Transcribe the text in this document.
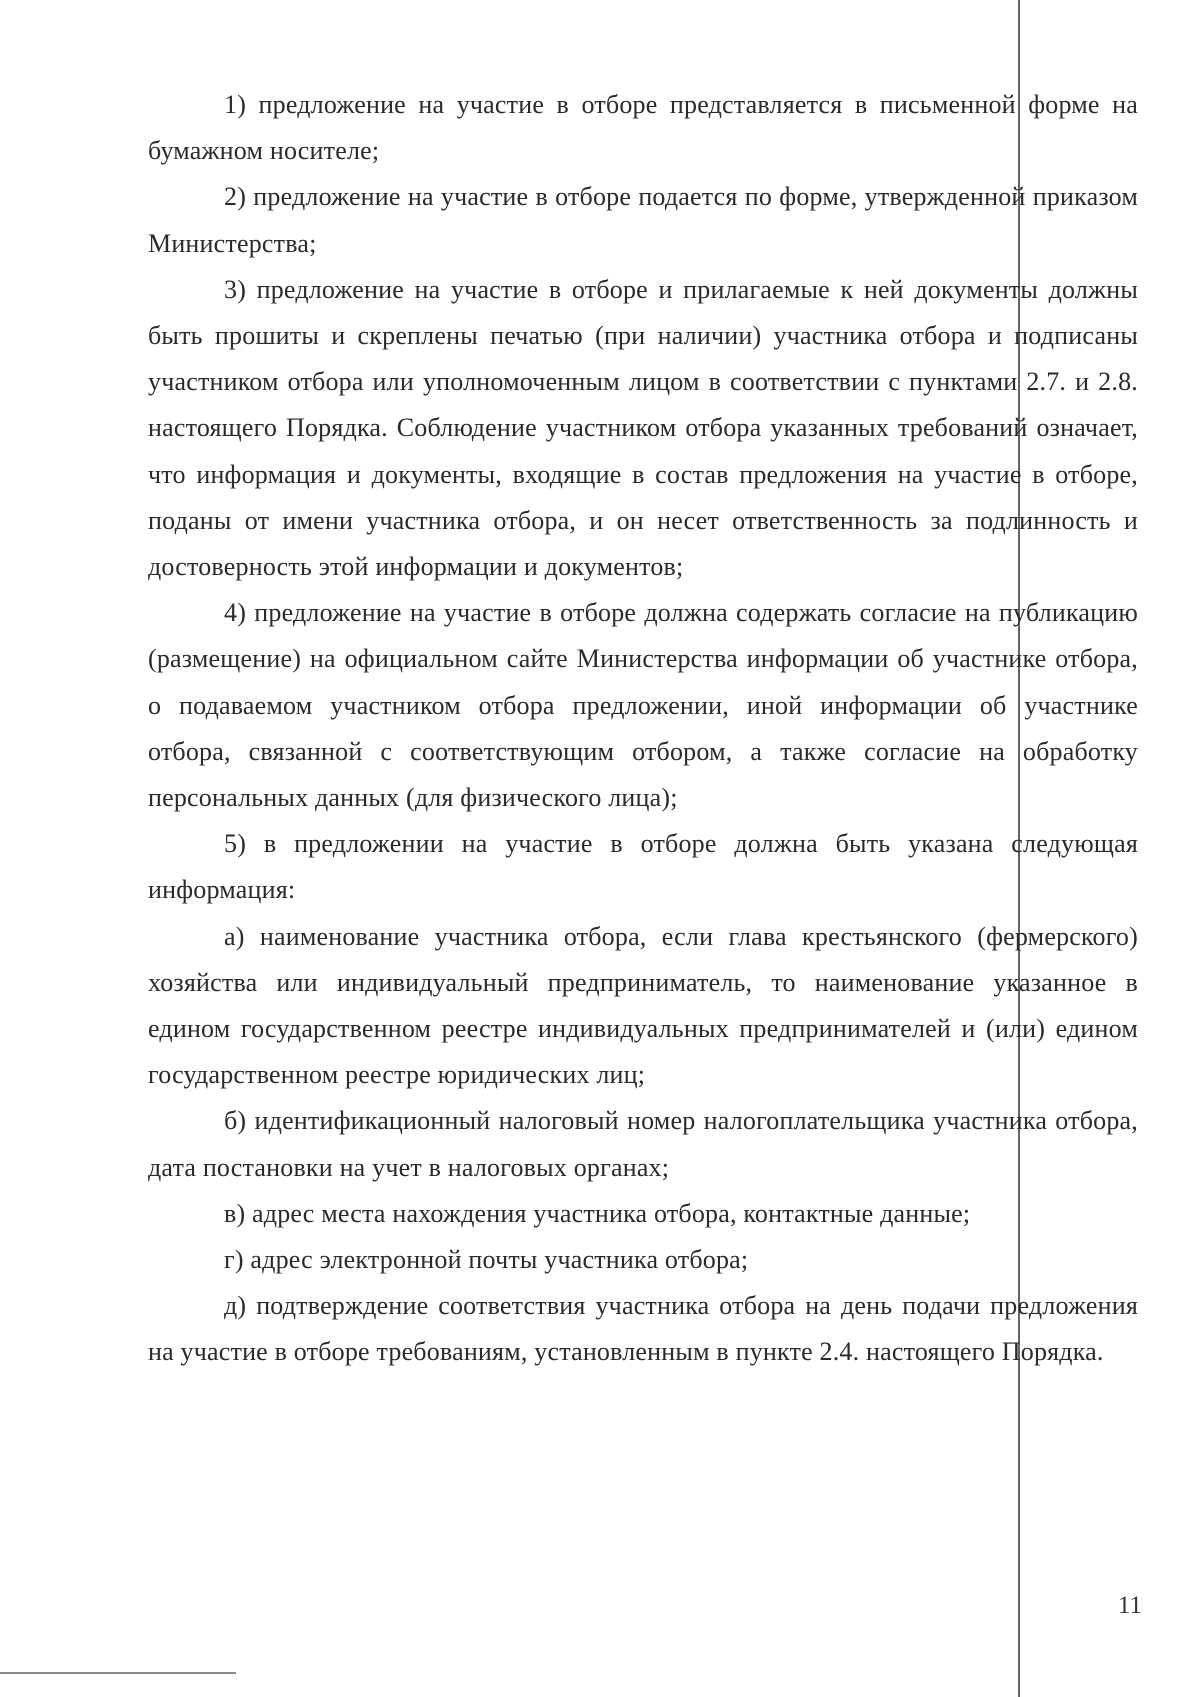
1) предложение на участие в отборе представляется в письменной форме на бумажном носителе;

2) предложение на участие в отборе подается по форме, утвержденной приказом Министерства;

3) предложение на участие в отборе и прилагаемые к ней документы должны быть прошиты и скреплены печатью (при наличии) участника отбора и подписаны участником отбора или уполномоченным лицом в соответствии с пунктами 2.7. и 2.8. настоящего Порядка. Соблюдение участником отбора указанных требований означает, что информация и документы, входящие в состав предложения на участие в отборе, поданы от имени участника отбора, и он несет ответственность за подлинность и достоверность этой информации и документов;

4) предложение на участие в отборе должна содержать согласие на публикацию (размещение) на официальном сайте Министерства информации об участнике отбора, о подаваемом участником отбора предложении, иной информации об участнике отбора, связанной с соответствующим отбором, а также согласие на обработку персональных данных (для физического лица);

5) в предложении на участие в отборе должна быть указана следующая информация:

а) наименование участника отбора, если глава крестьянского (фермерского) хозяйства или индивидуальный предприниматель, то наименование указанное в едином государственном реестре индивидуальных предпринимателей и (или) едином государственном реестре юридических лиц;

б) идентификационный налоговый номер налогоплательщика участника отбора, дата постановки на учет в налоговых органах;

в) адрес места нахождения участника отбора, контактные данные;

г) адрес электронной почты участника отбора;

д) подтверждение соответствия участника отбора на день подачи предложения на участие в отборе требованиям, установленным в пункте 2.4. настоящего Порядка.

11
